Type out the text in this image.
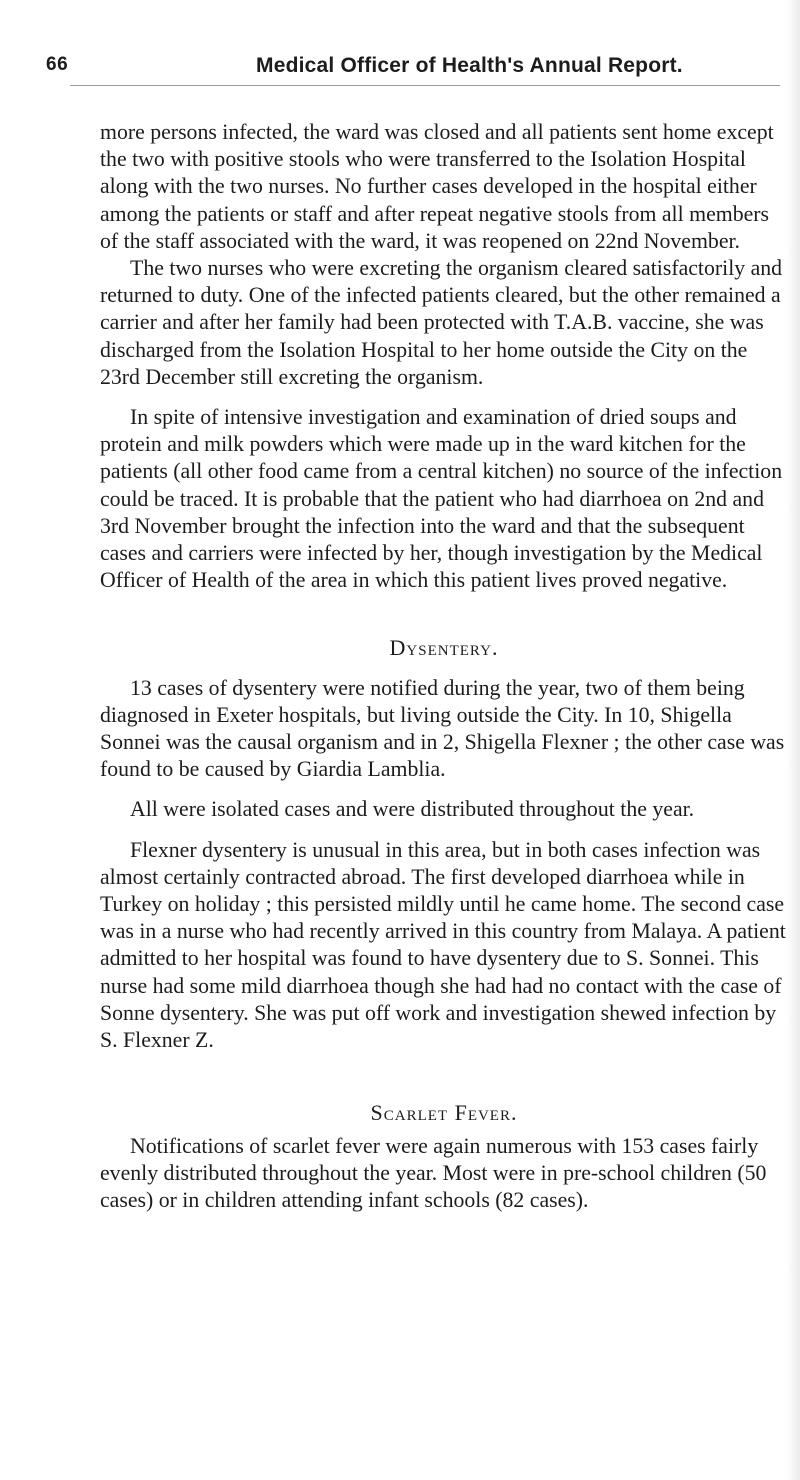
66	Medical Officer of Health's Annual Report.

more persons infected, the ward was closed and all patients sent home except the two with positive stools who were transferred to the Isolation Hospital along with the two nurses. No further cases developed in the hospital either among the patients or staff and after repeat negative stools from all members of the staff associated with the ward, it was reopened on 22nd November.

The two nurses who were excreting the organism cleared satisfactorily and returned to duty. One of the infected patients cleared, but the other remained a carrier and after her family had been protected with T.A.B. vaccine, she was discharged from the Isolation Hospital to her home outside the City on the 23rd December still excreting the organism.

In spite of intensive investigation and examination of dried soups and protein and milk powders which were made up in the ward kitchen for the patients (all other food came from a central kitchen) no source of the infection could be traced. It is probable that the patient who had diarrhoea on 2nd and 3rd November brought the infection into the ward and that the subsequent cases and carriers were infected by her, though investigation by the Medical Officer of Health of the area in which this patient lives proved negative.

Dysentery.

13 cases of dysentery were notified during the year, two of them being diagnosed in Exeter hospitals, but living outside the City. In 10, Shigella Sonnei was the causal organism and in 2, Shigella Flexner ; the other case was found to be caused by Giardia Lamblia.

All were isolated cases and were distributed throughout the year.

Flexner dysentery is unusual in this area, but in both cases infection was almost certainly contracted abroad. The first developed diarrhoea while in Turkey on holiday ; this persisted mildly until he came home. The second case was in a nurse who had recently arrived in this country from Malaya. A patient admitted to her hospital was found to have dysentery due to S. Sonnei. This nurse had some mild diarrhoea though she had had no contact with the case of Sonne dysentery. She was put off work and investigation shewed infection by S. Flexner Z.

Scarlet Fever.

Notifications of scarlet fever were again numerous with 153 cases fairly evenly distributed throughout the year. Most were in pre-school children (50 cases) or in children attending infant schools (82 cases).
